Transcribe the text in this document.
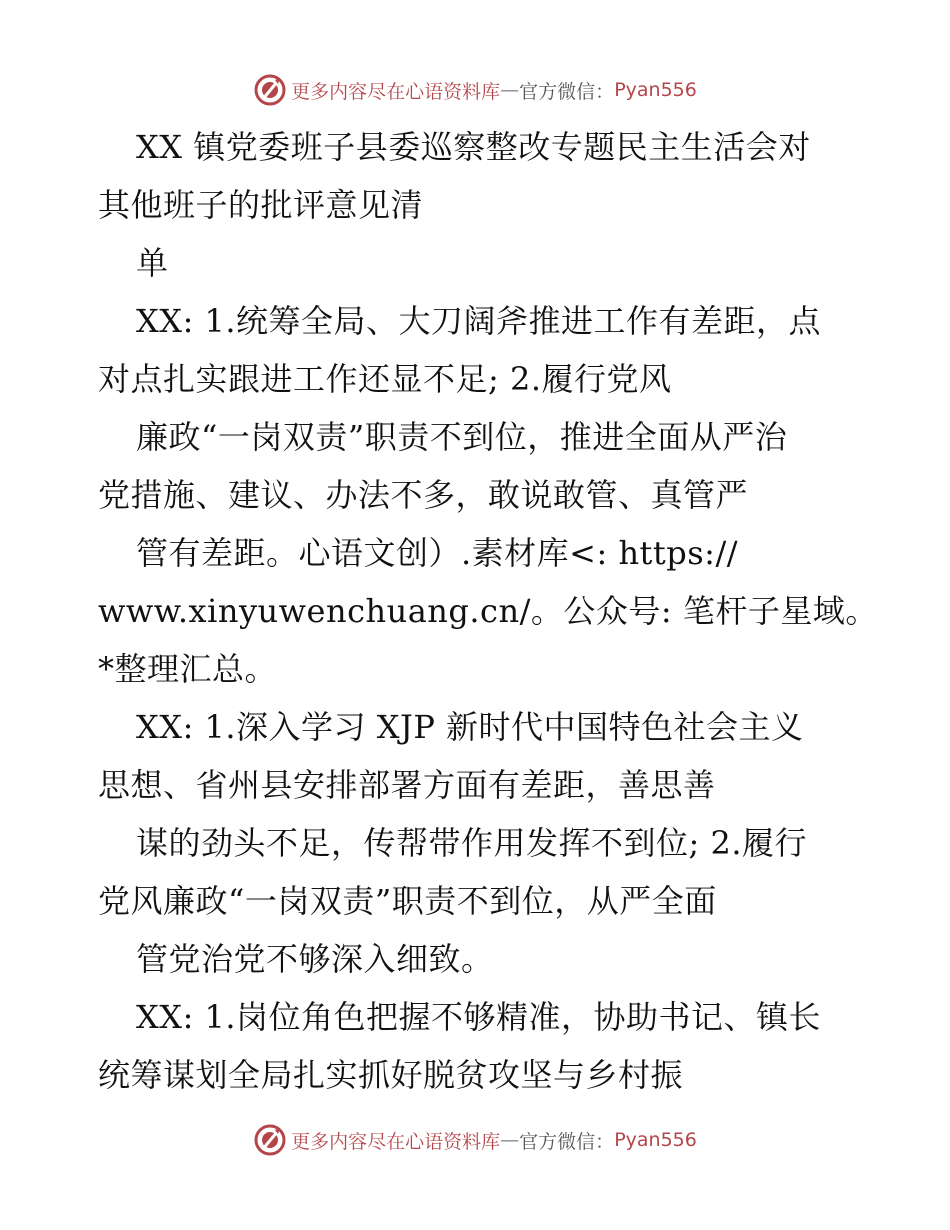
更多内容尽在心语资料库 — 官方微信： Pyan556
XX 镇党委班子县委巡察整改专题民主生活会对
其他班子的批评意见清
单
XX: 1.统筹全局、大刀阔斧推进工作有差距，点
对点扎实跟进工作还显不足; 2.履行党风
廉政“一岗双责”职责不到位，推进全面从严治
党措施、建议、办法不多，敢说敢管、真管严
管有差距。心语文创）.素材库<: https://
www.xinyuwenchuang.cn/。公众号: 笔杆子星域。
*整理汇总。
XX: 1.深入学习 XJP 新时代中国特色社会主义
思想、省州县安排部署方面有差距，善思善
谋的劲头不足，传帮带作用发挥不到位; 2.履行
党风廉政“一岗双责”职责不到位，从严全面
管党治党不够深入细致。
XX: 1.岗位角色把握不够精准，协助书记、镇长
统筹谋划全局扎实抓好脱贫攻坚与乡村振
更多内容尽在心语资料库 — 官方微信： Pyan556
